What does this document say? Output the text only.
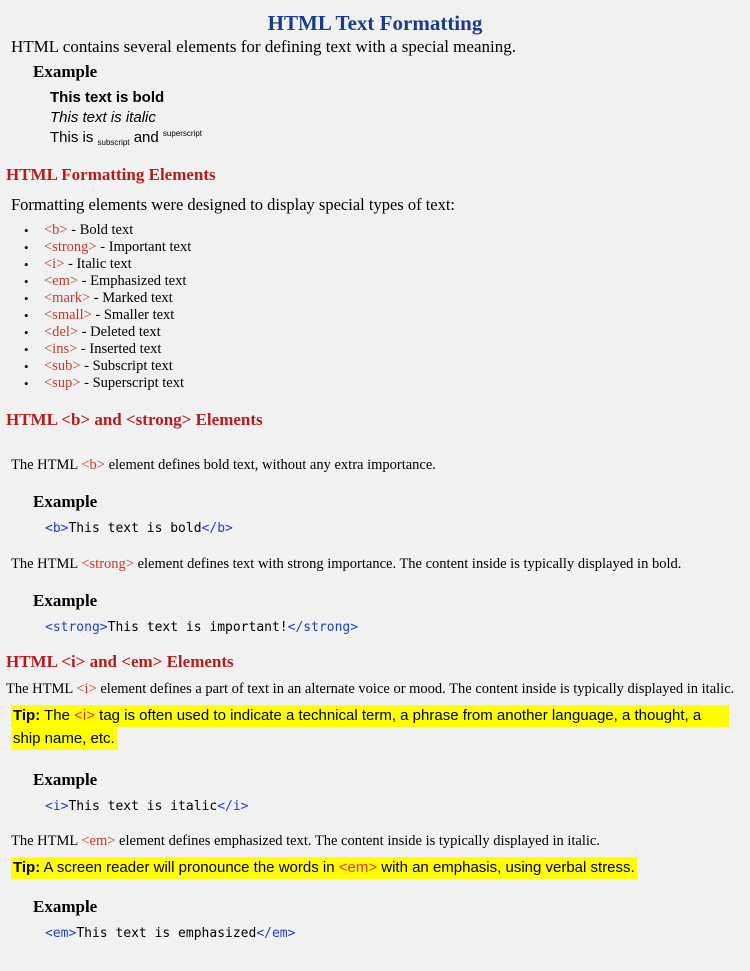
HTML Text Formatting
HTML contains several elements for defining text with a special meaning.
Example
This text is bold
This text is italic
This is $_{subscript}$ and $^{superscript}$
HTML Formatting Elements
Formatting elements were designed to display special types of text:
• <b> - Bold text
• <strong> - Important text
• <i> - Italic text
• <em> - Emphasized text
• <mark> - Marked text
• <small> - Smaller text
• <del> - Deleted text
• <ins> - Inserted text
• <sub> - Subscript text
• <sup> - Superscript text
HTML <b> and <strong> Elements
The HTML <b> element defines bold text, without any extra importance.
Example
<b>This text is bold</b>
The HTML <strong> element defines text with strong importance. The content inside is typically displayed in bold.
Example
<strong>This text is important!</strong>
HTML <i> and <em> Elements
The HTML <i> element defines a part of text in an alternate voice or mood. The content inside is typically displayed in italic.
Tip: The <i> tag is often used to indicate a technical term, a phrase from another language, a thought, a
ship name, etc.
Example
<i>This text is italic</i>
The HTML <em> element defines emphasized text. The content inside is typically displayed in italic.
Tip: A screen reader will pronounce the words in <em> with an emphasis, using verbal stress.
Example
<em>This text is emphasized</em>
